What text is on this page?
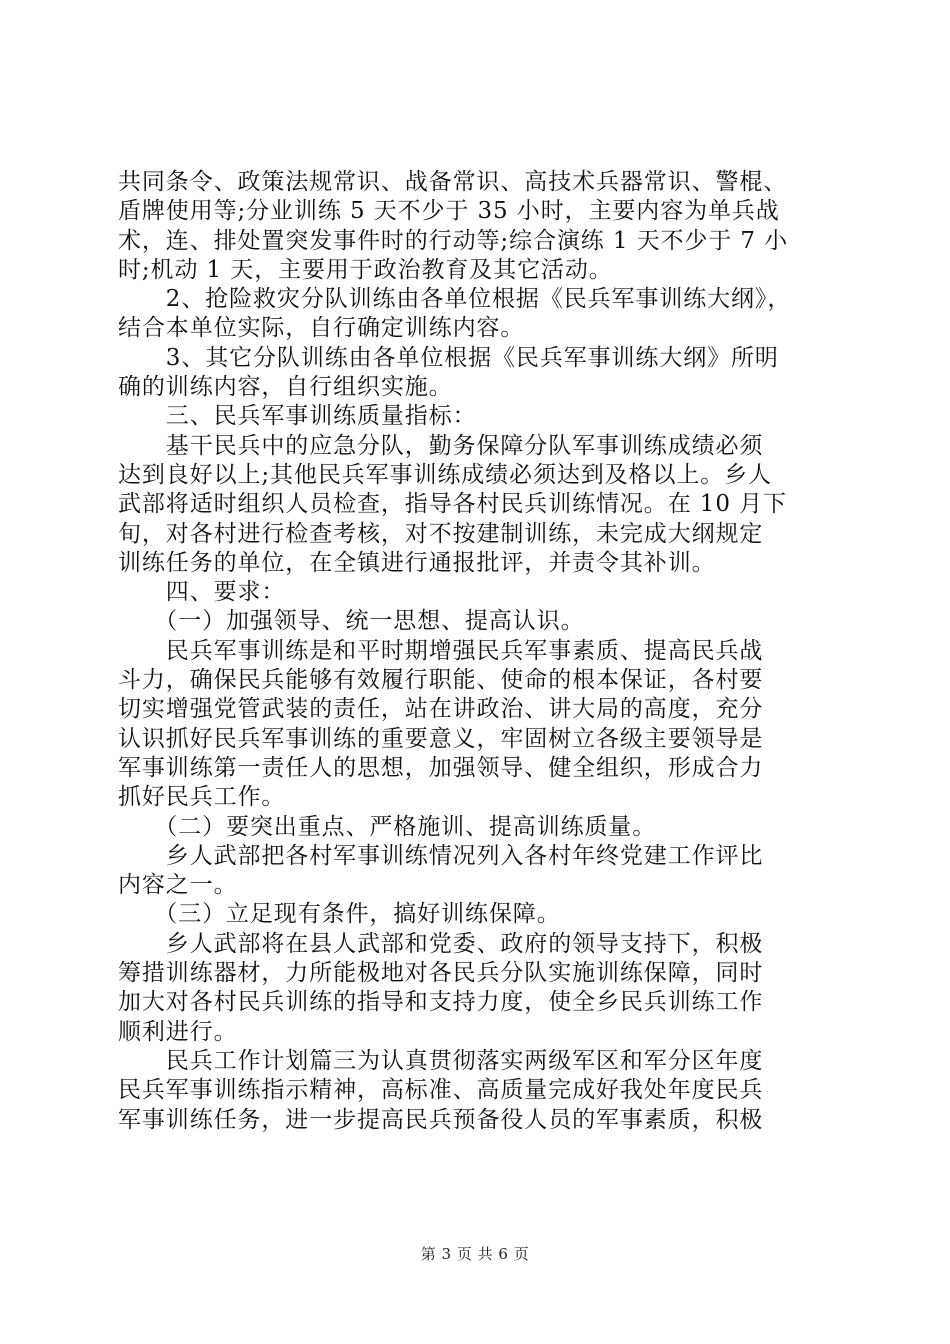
共同条令、政策法规常识、战备常识、高技术兵器常识、警棍、
盾牌使用等;分业训练 5 天不少于 35 小时，主要内容为单兵战
术，连、排处置突发事件时的行动等;综合演练 1 天不少于 7 小
时;机动 1 天，主要用于政治教育及其它活动。
　　2、抢险救灾分队训练由各单位根据《民兵军事训练大纲》，
结合本单位实际，自行确定训练内容。
　　3、其它分队训练由各单位根据《民兵军事训练大纲》所明
确的训练内容，自行组织实施。
　　三、民兵军事训练质量指标：
　　基干民兵中的应急分队，勤务保障分队军事训练成绩必须
达到良好以上;其他民兵军事训练成绩必须达到及格以上。乡人
武部将适时组织人员检查，指导各村民兵训练情况。在 10 月下
旬，对各村进行检查考核，对不按建制训练，未完成大纲规定
训练任务的单位，在全镇进行通报批评，并责令其补训。
　　四、要求：
　　（一）加强领导、统一思想、提高认识。
　　民兵军事训练是和平时期增强民兵军事素质、提高民兵战
斗力，确保民兵能够有效履行职能、使命的根本保证，各村要
切实增强党管武装的责任，站在讲政治、讲大局的高度，充分
认识抓好民兵军事训练的重要意义，牢固树立各级主要领导是
军事训练第一责任人的思想，加强领导、健全组织，形成合力
抓好民兵工作。
　　（二）要突出重点、严格施训、提高训练质量。
　　乡人武部把各村军事训练情况列入各村年终党建工作评比
内容之一。
　　（三）立足现有条件，搞好训练保障。
　　乡人武部将在县人武部和党委、政府的领导支持下，积极
筹措训练器材，力所能极地对各民兵分队实施训练保障，同时
加大对各村民兵训练的指导和支持力度，使全乡民兵训练工作
顺利进行。
　　民兵工作计划篇三为认真贯彻落实两级军区和军分区年度
民兵军事训练指示精神，高标准、高质量完成好我处年度民兵
军事训练任务，进一步提高民兵预备役人员的军事素质，积极
第 3 页 共 6 页
